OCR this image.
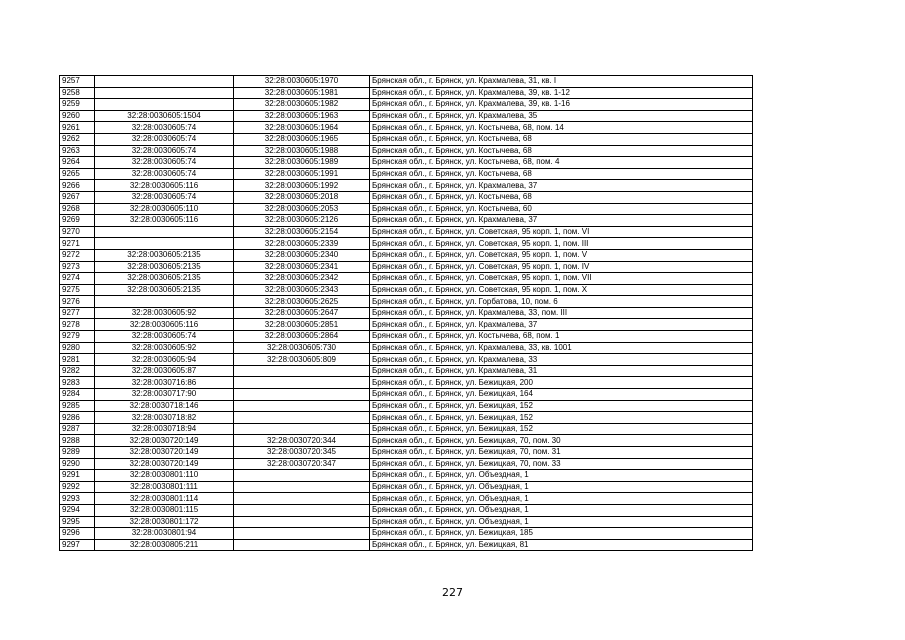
9257		32:28:0030605:1970	Брянская обл., г. Брянск, ул. Крахмалева, 31, кв. I
9258		32:28:0030605:1981	Брянская обл., г. Брянск, ул. Крахмалева, 39, кв. 1-12
9259		32:28:0030605:1982	Брянская обл., г. Брянск, ул. Крахмалева, 39, кв. 1-16
9260	32:28:0030605:1504	32:28:0030605:1963	Брянская обл., г. Брянск, ул. Крахмалева, 35
9261	32:28:0030605:74	32:28:0030605:1964	Брянская обл., г. Брянск, ул. Костычева, 68, пом. 14
9262	32:28:0030605:74	32:28:0030605:1965	Брянская обл., г. Брянск, ул. Костычева, 68
9263	32:28:0030605:74	32:28:0030605:1988	Брянская обл., г. Брянск, ул. Костычева, 68
9264	32:28:0030605:74	32:28:0030605:1989	Брянская обл., г. Брянск, ул. Костычева, 68, пом. 4
9265	32:28:0030605:74	32:28:0030605:1991	Брянская обл., г. Брянск, ул. Костычева, 68
9266	32:28:0030605:116	32:28:0030605:1992	Брянская обл., г. Брянск, ул. Крахмалева, 37
9267	32:28:0030605:74	32:28:0030605:2018	Брянская обл., г. Брянск, ул. Костычева, 68
9268	32:28:0030605:110	32:28:0030605:2053	Брянская обл., г. Брянск, ул. Костычева, 60
9269	32:28:0030605:116	32:28:0030605:2126	Брянская обл., г. Брянск, ул. Крахмалева, 37
9270		32:28:0030605:2154	Брянская обл., г. Брянск, ул. Советская, 95 корп. 1, пом. VI
9271		32:28:0030605:2339	Брянская обл., г. Брянск, ул. Советская, 95 корп. 1, пом. III
9272	32:28:0030605:2135	32:28:0030605:2340	Брянская обл., г. Брянск, ул. Советская, 95 корп. 1, пом. V
9273	32:28:0030605:2135	32:28:0030605:2341	Брянская обл., г. Брянск, ул. Советская, 95 корп. 1, пом. IV
9274	32:28:0030605:2135	32:28:0030605:2342	Брянская обл., г. Брянск, ул. Советская, 95 корп. 1, пом. VII
9275	32:28:0030605:2135	32:28:0030605:2343	Брянская обл., г. Брянск, ул. Советская, 95 корп. 1, пом. X
9276		32:28:0030605:2625	Брянская обл., г. Брянск, ул. Горбатова, 10, пом. 6
9277	32:28:0030605:92	32:28:0030605:2647	Брянская обл., г. Брянск, ул. Крахмалева, 33, пом. III
9278	32:28:0030605:116	32:28:0030605:2851	Брянская обл., г. Брянск, ул. Крахмалева, 37
9279	32:28:0030605:74	32:28:0030605:2864	Брянская обл., г. Брянск, ул. Костычева, 68, пом. 1
9280	32:28:0030605:92	32:28:0030605:730	Брянская обл., г. Брянск, ул. Крахмалева, 33, кв. 1001
9281	32:28:0030605:94	32:28:0030605:809	Брянская обл., г. Брянск, ул. Крахмалева, 33
9282	32:28:0030605:87		Брянская обл., г. Брянск, ул. Крахмалева, 31
9283	32:28:0030716:86		Брянская обл., г. Брянск, ул. Бежицкая, 200
9284	32:28:0030717:90		Брянская обл., г. Брянск, ул. Бежицкая, 164
9285	32:28:0030718:146		Брянская обл., г. Брянск, ул. Бежицкая, 152
9286	32:28:0030718:82		Брянская обл., г. Брянск, ул. Бежицкая, 152
9287	32:28:0030718:94		Брянская обл., г. Брянск, ул. Бежицкая, 152
9288	32:28:0030720:149	32:28:0030720:344	Брянская обл., г. Брянск, ул. Бежицкая, 70, пом. 30
9289	32:28:0030720:149	32:28:0030720:345	Брянская обл., г. Брянск, ул. Бежицкая, 70, пом. 31
9290	32:28:0030720:149	32:28:0030720:347	Брянская обл., г. Брянск, ул. Бежицкая, 70, пом. 33
9291	32:28:0030801:110		Брянская обл., г. Брянск, ул. Объездная, 1
9292	32:28:0030801:111		Брянская обл., г. Брянск, ул. Объездная, 1
9293	32:28:0030801:114		Брянская обл., г. Брянск, ул. Объездная, 1
9294	32:28:0030801:115		Брянская обл., г. Брянск, ул. Объездная, 1
9295	32:28:0030801:172		Брянская обл., г. Брянск, ул. Объездная, 1
9296	32:28:0030801:94		Брянская обл., г. Брянск, ул. Бежицкая, 185
9297	32:28:0030805:211		Брянская обл., г. Брянск, ул. Бежицкая, 81
227
